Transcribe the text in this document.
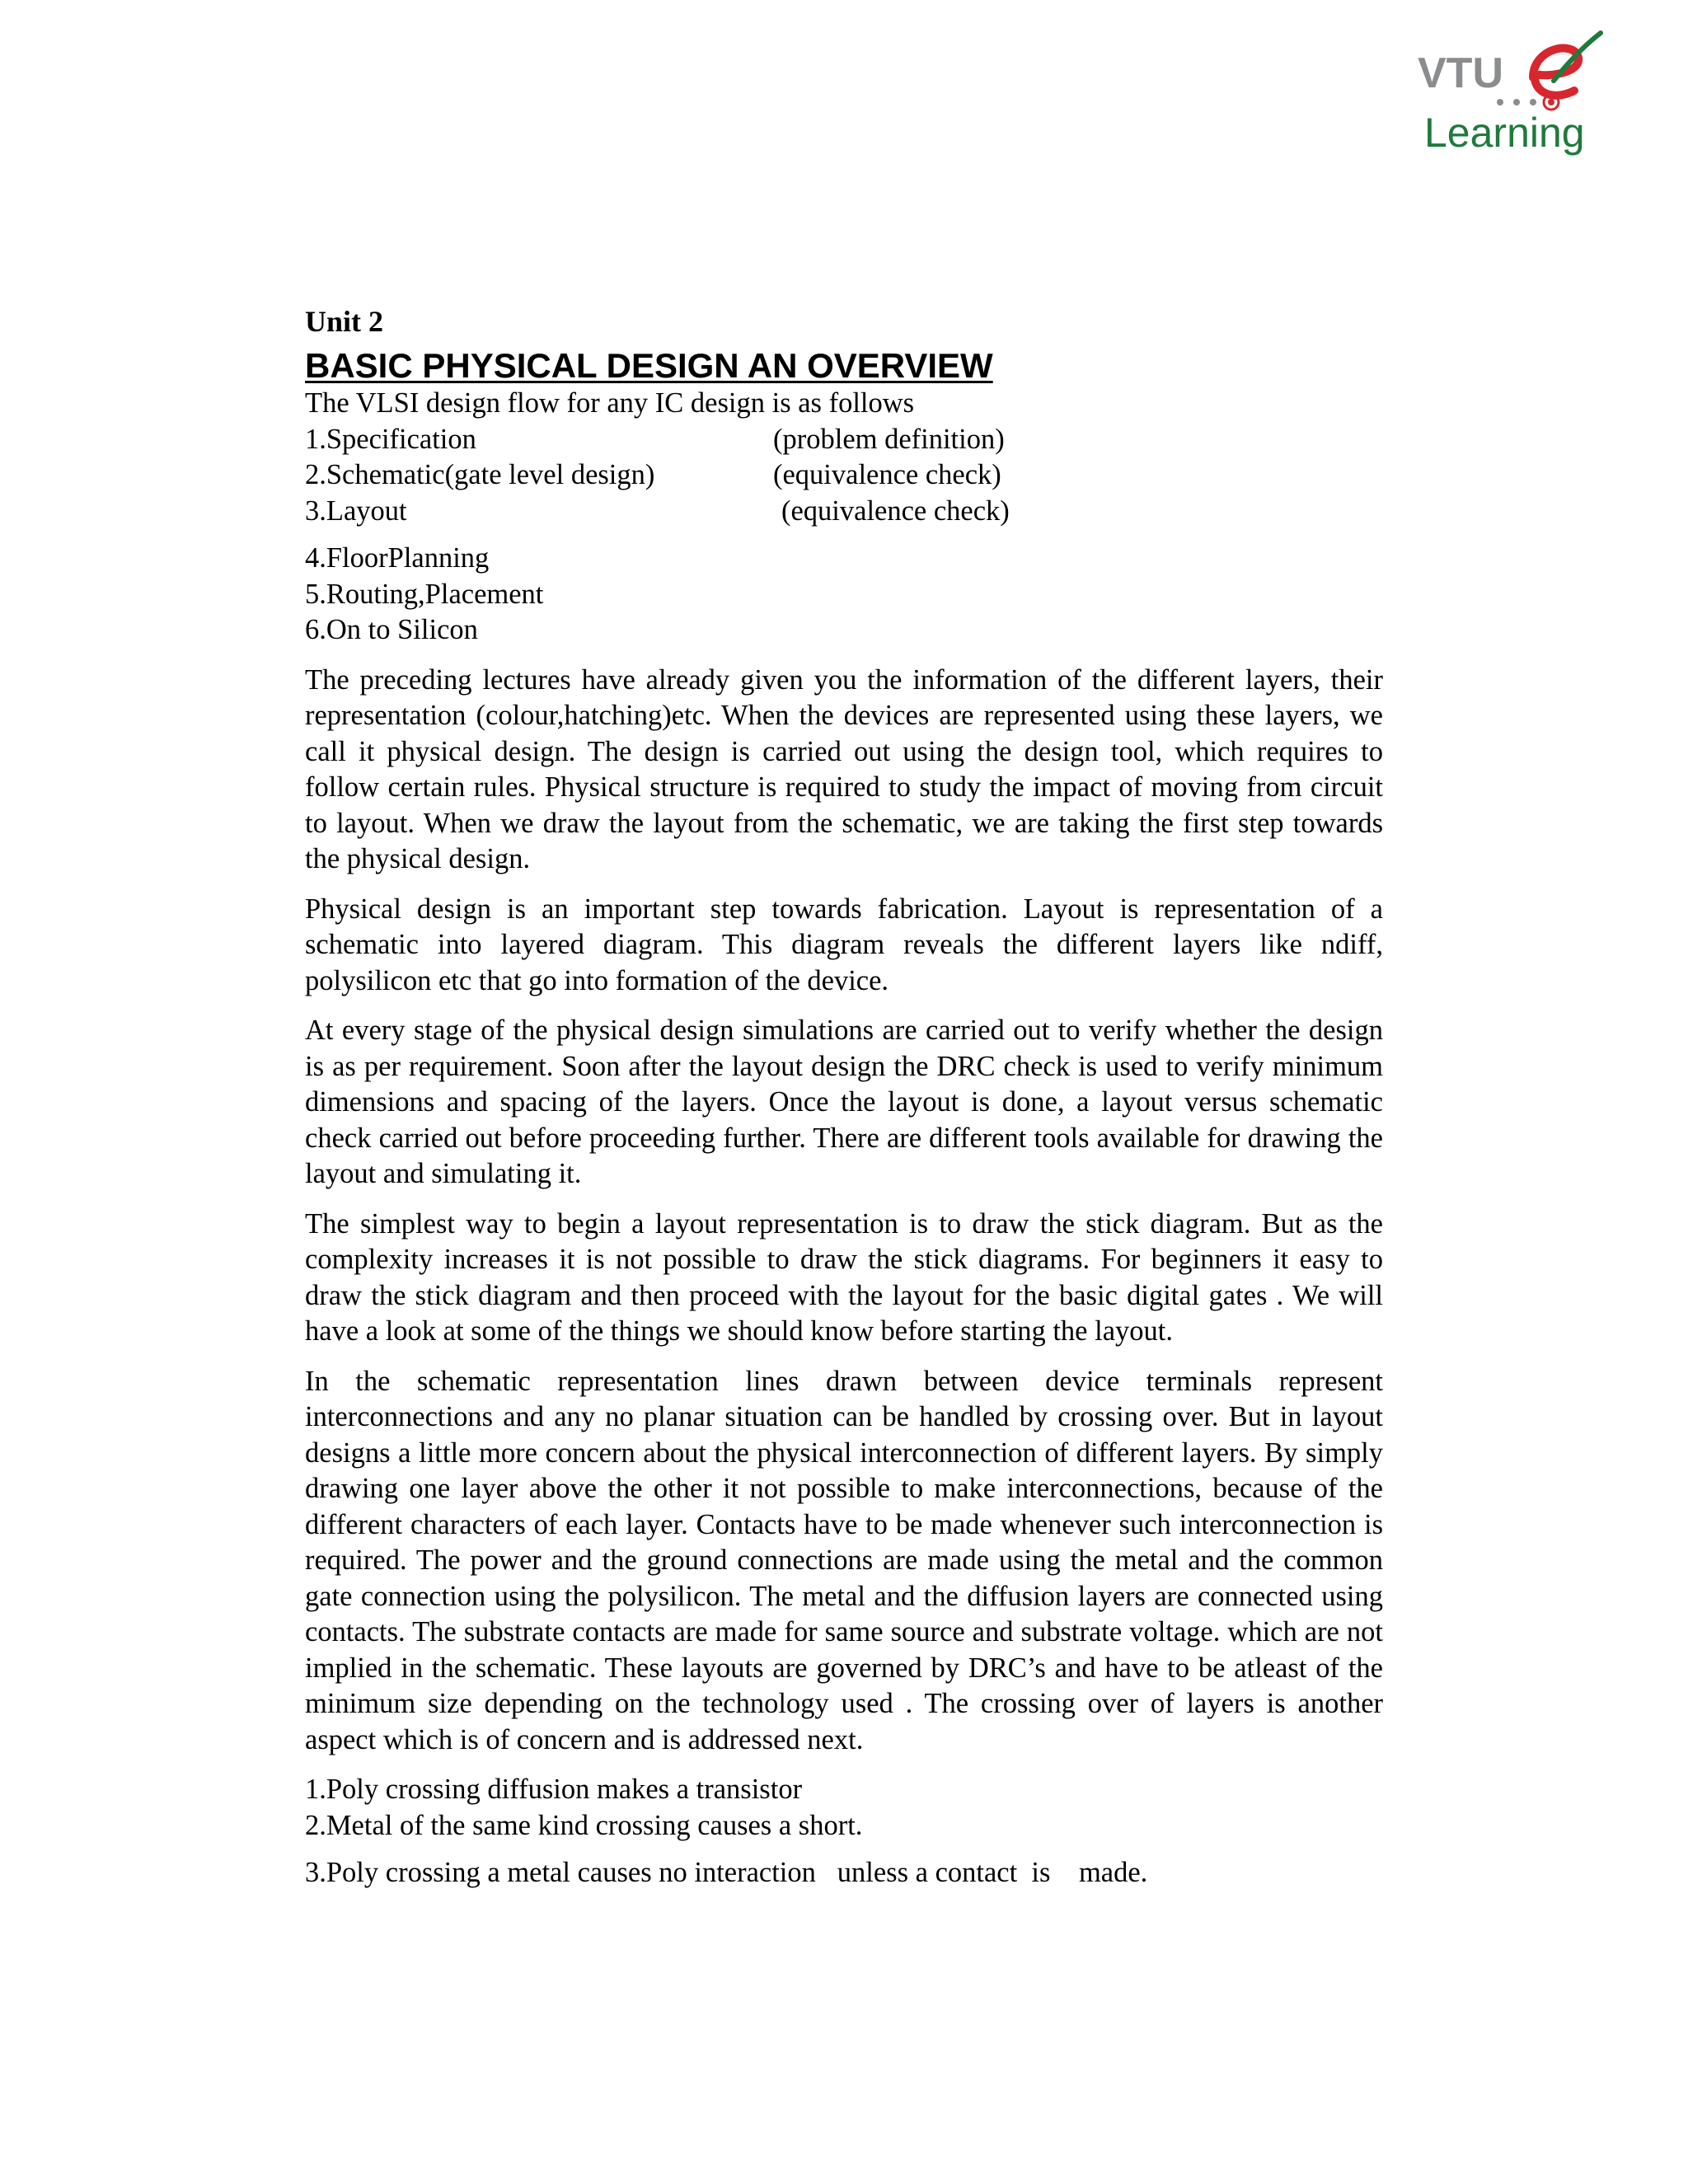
VTU
Learning
Unit 2
BASIC PHYSICAL DESIGN AN OVERVIEW
The VLSI design flow for any IC design is as follows
1.Specification	(problem definition)
2.Schematic(gate level design)	(equivalence check)
3.Layout	(equivalence check)
4.FloorPlanning
5.Routing,Placement
6.On to Silicon

The preceding lectures have already given you the information of the different layers, their representation (colour,hatching)etc. When the devices are represented using these layers, we call it physical design. The design is carried out using the design tool, which requires to follow certain rules. Physical structure is required to study the impact of moving from circuit to layout. When we draw the layout from the schematic, we are taking the first step towards the physical design.

Physical design is an important step towards fabrication. Layout is representation of a schematic into layered diagram. This diagram reveals the different layers like ndiff, polysilicon etc that go into formation of the device.

At every stage of the physical design simulations are carried out to verify whether the design is as per requirement. Soon after the layout design the DRC check is used to verify minimum dimensions and spacing of the layers. Once the layout is done, a layout versus schematic check carried out before proceeding further. There are different tools available for drawing the layout and simulating it.

The simplest way to begin a layout representation is to draw the stick diagram. But as the complexity increases it is not possible to draw the stick diagrams. For beginners it easy to draw the stick diagram and then proceed with the layout for the basic digital gates . We will have a look at some of the things we should know before starting the layout.

In the schematic representation lines drawn between device terminals represent interconnections and any no planar situation can be handled by crossing over. But in layout designs a little more concern about the physical interconnection of different layers. By simply drawing one layer above the other it not possible to make interconnections, because of the different characters of each layer. Contacts have to be made whenever such interconnection is required. The power and the ground connections are made using the metal and the common gate connection using the polysilicon. The metal and the diffusion layers are connected using contacts. The substrate contacts are made for same source and substrate voltage. which are not implied in the schematic. These layouts are governed by DRC’s and have to be atleast of the minimum size depending on the technology used . The crossing over of layers is another aspect which is of concern and is addressed next.

1.Poly crossing diffusion makes a transistor
2.Metal of the same kind crossing causes a short.
3.Poly crossing a metal causes no interaction   unless a contact  is    made.
